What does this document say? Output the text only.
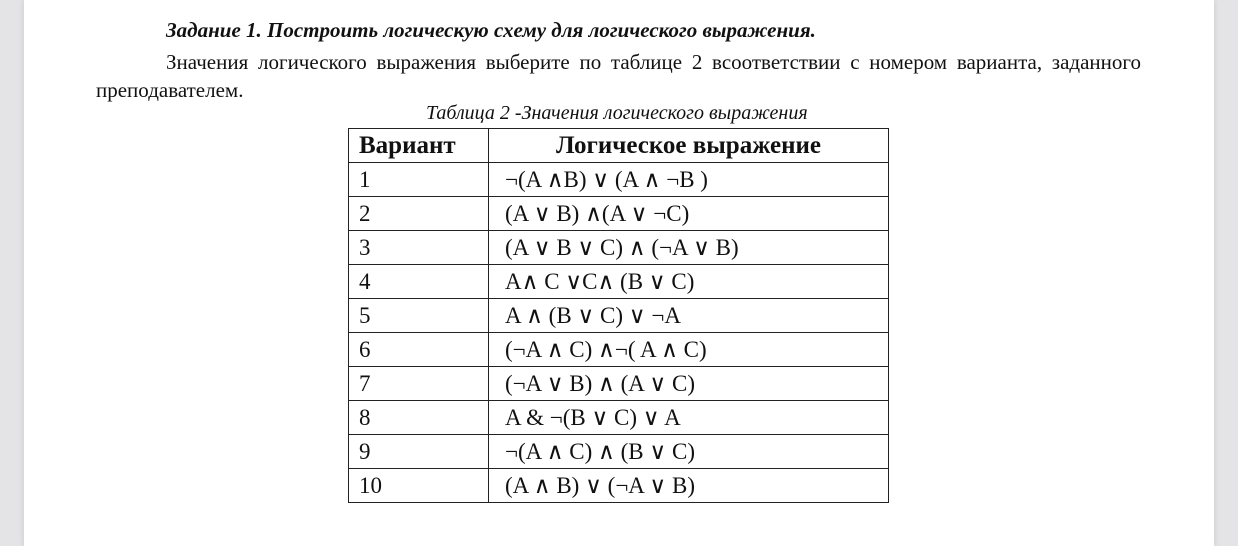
Задание 1. Построить логическую схему для логического выражения.
Значения логического выражения выберите по таблице 2 всоответствии с номером варианта, заданного преподавателем.
Таблица 2 -Значения логического выражения
Вариант	Логическое выражение
1	¬(A ∧B) ∨ (A ∧ ¬B )
2	(A ∨ B) ∧(A ∨ ¬C)
3	(A ∨ B ∨ C) ∧ (¬A ∨ B)
4	A∧ C ∨C∧ (B ∨ C)
5	A ∧ (B ∨ C) ∨ ¬A
6	(¬A ∧ C) ∧¬( A ∧ C)
7	(¬A ∨ B) ∧ (A ∨ C)
8	A & ¬(B ∨ C) ∨ A
9	¬(A ∧ C) ∧ (B ∨ C)
10	(A ∧ B) ∨ (¬A ∨ B)
